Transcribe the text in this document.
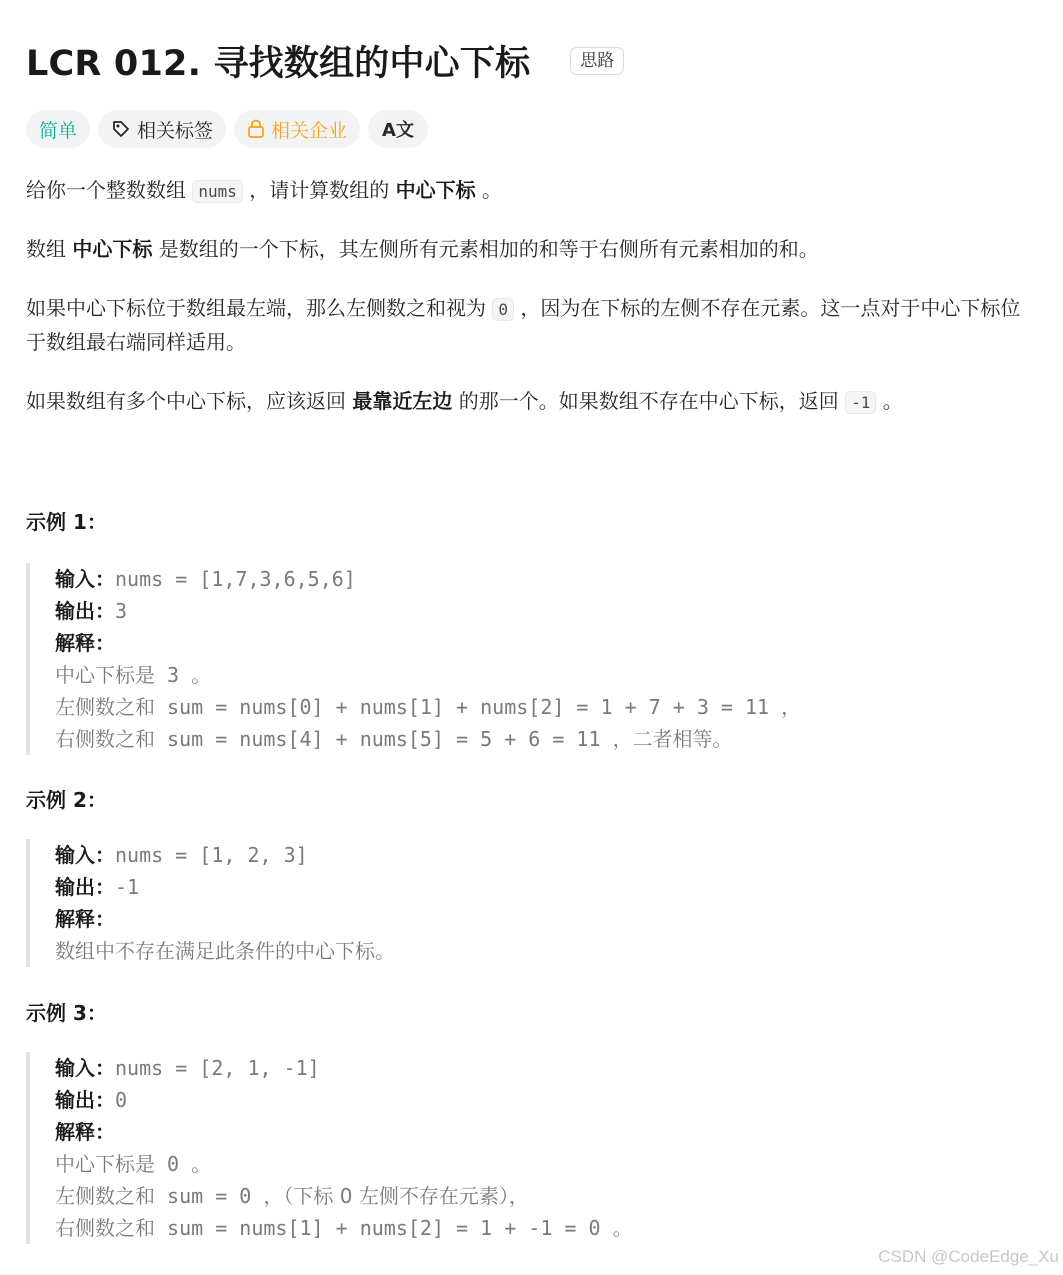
LCR 012. 寻找数组的中心下标	思路
简单	相关标签	相关企业 A文
给你一个整数数组 nums ，请计算数组的 中心下标 。
数组 中心下标 是数组的一个下标，其左侧所有元素相加的和等于右侧所有元素相加的和。
如果中心下标位于数组最左端，那么左侧数之和视为 0 ，因为在下标的左侧不存在元素。这一点对于中心下标位于数组最右端同样适用。
如果数组有多个中心下标，应该返回 最靠近左边 的那一个。如果数组不存在中心下标，返回 -1 。
示例 1：
输入：nums = [1,7,3,6,5,6]
输出：3
解释：
中心下标是 3 。
左侧数之和 sum = nums[0] + nums[1] + nums[2] = 1 + 7 + 3 = 11 ，
右侧数之和 sum = nums[4] + nums[5] = 5 + 6 = 11 ，二者相等。
示例 2：
输入：nums = [1, 2, 3]
输出：-1
解释：
数组中不存在满足此条件的中心下标。
示例 3：
输入：nums = [2, 1, -1]
输出：0
解释：
中心下标是 0 。
左侧数之和 sum = 0 ，（下标 0 左侧不存在元素），
右侧数之和 sum = nums[1] + nums[2] = 1 + -1 = 0 。
CSDN @CodeEdge_Xu
